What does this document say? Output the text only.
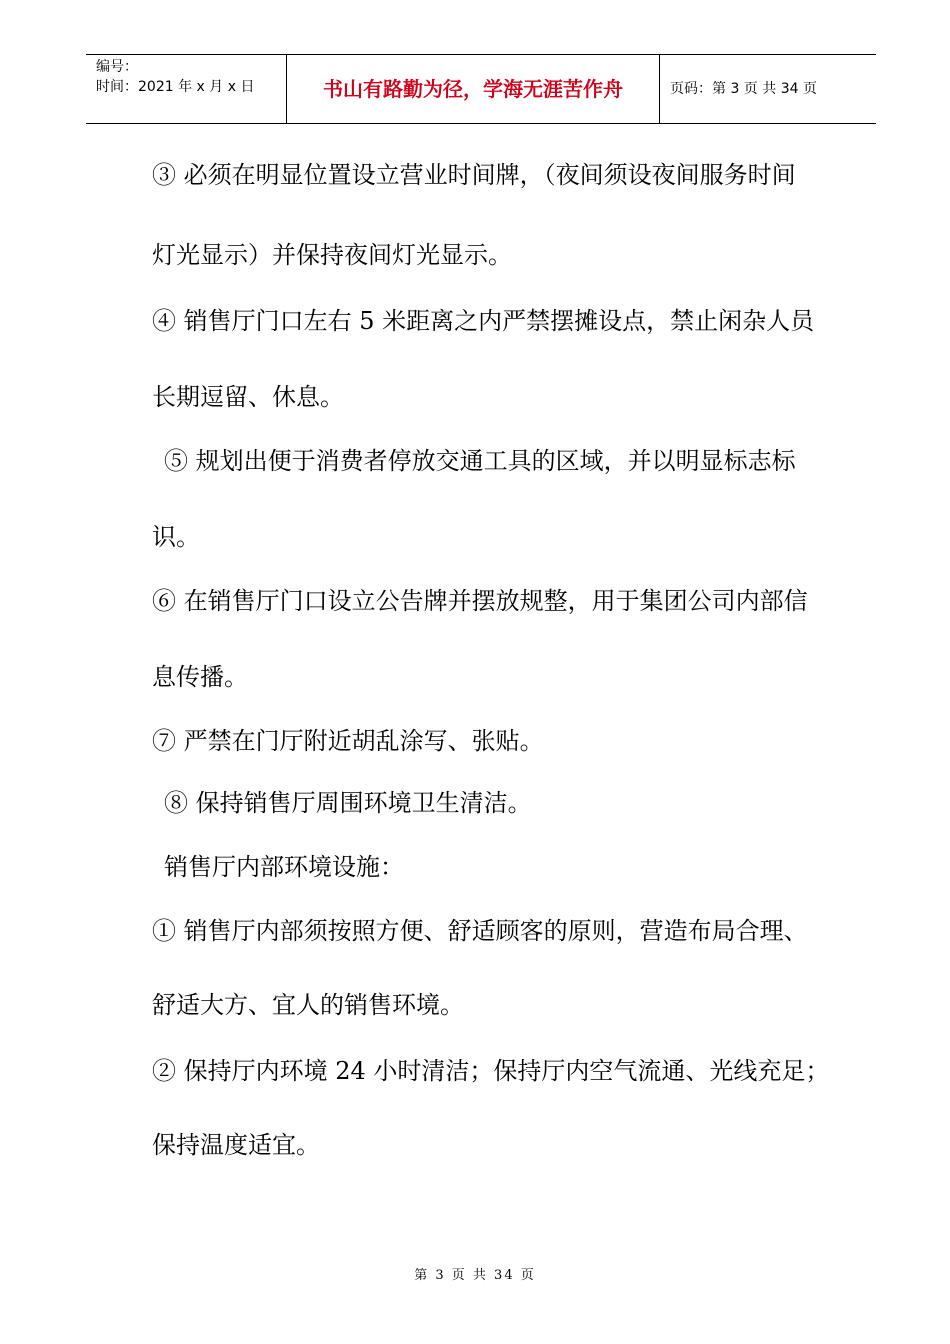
编号：
时间：2021 年 x 月 x 日	书山有路勤为径，学海无涯苦作舟	页码：第 3 页 共 34 页
③ 必须在明显位置设立营业时间牌，（夜间须设夜间服务时间
灯光显示）并保持夜间灯光显示。
④ 销售厅门口左右 5 米距离之内严禁摆摊设点，禁止闲杂人员
长期逗留、休息。
⑤ 规划出便于消费者停放交通工具的区域，并以明显标志标
识。
⑥ 在销售厅门口设立公告牌并摆放规整，用于集团公司内部信
息传播。
⑦ 严禁在门厅附近胡乱涂写、张贴。
⑧ 保持销售厅周围环境卫生清洁。
销售厅内部环境设施：
① 销售厅内部须按照方便、舒适顾客的原则，营造布局合理、
舒适大方、宜人的销售环境。
② 保持厅内环境 24 小时清洁；保持厅内空气流通、光线充足；
保持温度适宜。
第 3 页 共 34 页
